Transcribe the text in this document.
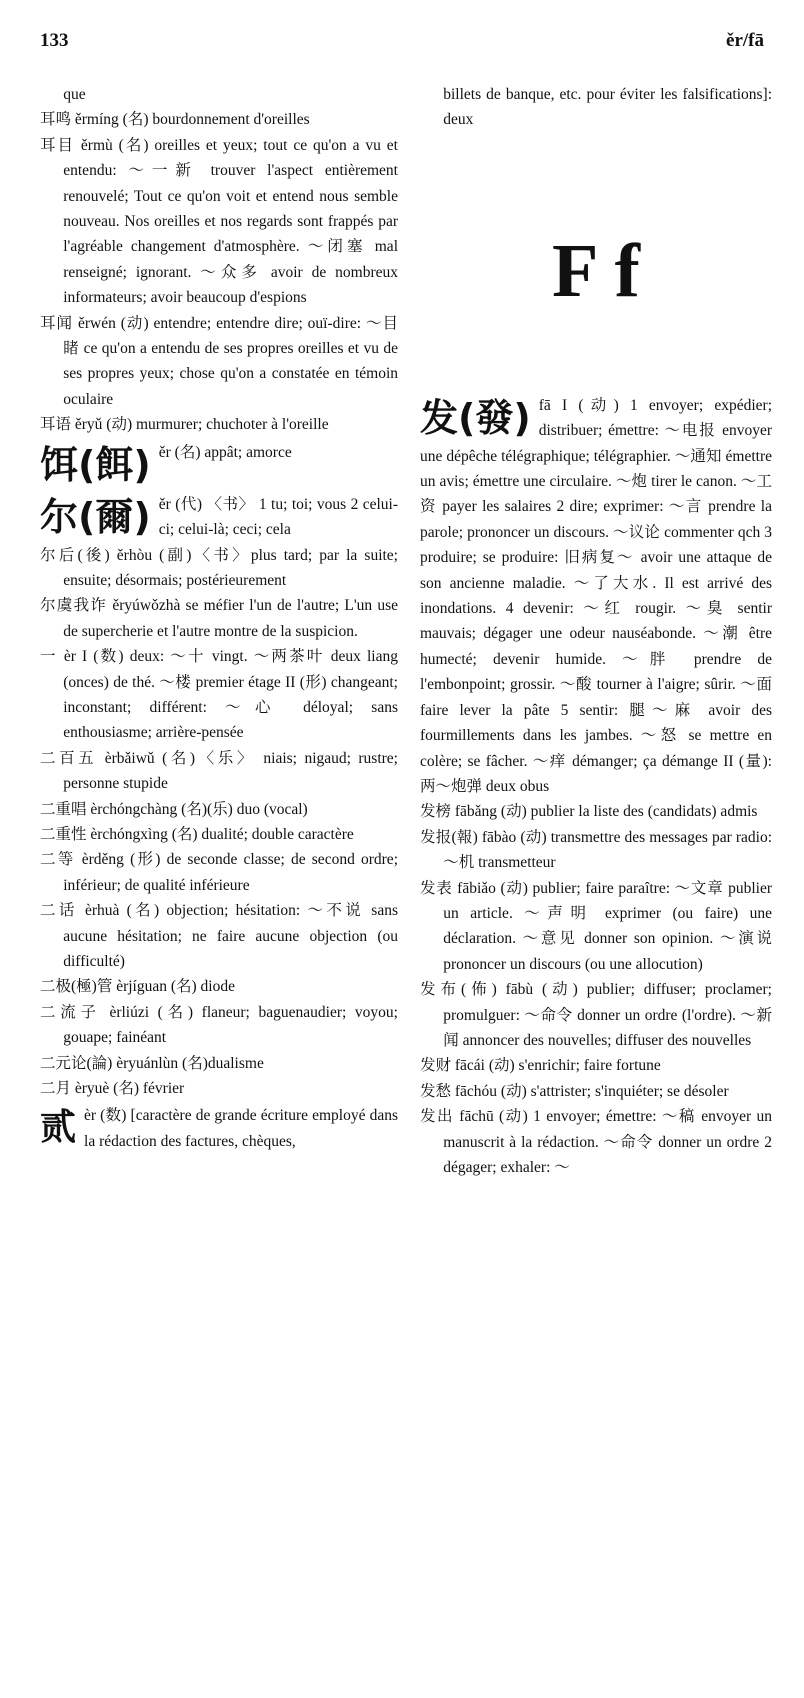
133	ěr/fā
que
耳鸣 ěrmíng (名) bourdonnement d'oreilles
耳目 ěrmù (名) oreilles et yeux; tout ce qu'on a vu et entendu: ～一新 trouver l'aspect entièrement renouvelé; Tout ce qu'on voit et entend nous semble nouveau. Nos oreilles et nos regards sont frappés par l'agréable changement d'atmosphère. ～闭塞 mal renseigné; ignorant. ～众多 avoir de nombreux informateurs; avoir beaucoup d'espions
耳闻 ěrwén (动) entendre; entendre dire; ouï-dire: ～目睹 ce qu'on a entendu de ses propres oreilles et vu de ses propres yeux; chose qu'on a constatée en témoin oculaire
耳语 ěryǔ (动) murmurer; chuchoter à l'oreille
饵(餌) ěr (名) appât; amorce
尔(爾) ěr (代) 〈书〉 1 tu; toi; vous 2 celui-ci; celui-là; ceci; cela
尔后(後) ěrhòu (副)〈书〉plus tard; par la suite; ensuite; désormais; postérieurement
尔虞我诈 ěryúwǒzhà se méfier l'un de l'autre; L'un use de supercherie et l'autre montre de la suspicion.
一 èr I (数) deux: ～十 vingt. ～两茶叶 deux liang (onces) de thé. ～楼 premier étage II (形) changeant; inconstant; différent: ～心 déloyal; sans enthousiasme; arrière-pensée
二百五 èrbǎiwǔ (名)〈乐〉 niais; nigaud; rustre; personne stupide
二重唱 èrchóngchàng (名)(乐) duo (vocal)
二重性 èrchóngxìng (名) dualité; double caractère
二等 èrděng (形) de seconde classe; de second ordre; inférieur; de qualité inférieure
二话 èrhuà (名) objection; hésitation: ～不说 sans aucune hésitation; ne faire aucune objection (ou difficulté)
二极(極)管 èrjíguan (名) diode
二流子 èrliúzi (名) flaneur; baguenaudier; voyou; gouape; fainéant
二元论(論) èryuánlùn (名)dualisme
二月 èryuè (名) février
贰èr (数) [caractère de grande écriture employé dans la rédaction des factures, chèques,
billets de banque, etc. pour éviter les falsifications]: deux
F f
发(發) fā I (动) 1 envoyer; expédier; distribuer; émettre: ～电报 envoyer une dépêche télégraphique; télégraphier. ～通知 émettre un avis; émettre une circulaire. ～炮 tirer le canon. ～工资 payer les salaires 2 dire; exprimer: ～言 prendre la parole; prononcer un discours. ～议论 commenter qch 3 produire; se produire: 旧病复～ avoir une attaque de son ancienne maladie. ～了大水. Il est arrivé des inondations. 4 devenir: ～红 rougir. ～臭 sentir mauvais; dégager une odeur nauséabonde. ～潮 être humecté; devenir humide. ～胖 prendre de l'embonpoint; grossir. ～酸 tourner à l'aigre; sûrir. ～面 faire lever la pâte 5 sentir: 腿～麻 avoir des fourmillements dans les jambes. ～怒 se mettre en colère; se fâcher. ～痒 démanger; ça démange II (量): 两～炮弹 deux obus
发榜 fābǎng (动) publier la liste des (candidats) admis
发报(報) fābào (动) transmettre des messages par radio: ～机 transmetteur
发表 fābiǎo (动) publier; faire paraître: ～文章 publier un article. ～声明 exprimer (ou faire) une déclaration. ～意见 donner son opinion. ～演说 prononcer un discours (ou une allocution)
发布(佈) fābù (动) publier; diffuser; proclamer; promulguer: ～命令 donner un ordre (l'ordre). ～新闻 annoncer des nouvelles; diffuser des nouvelles
发财 fācái (动) s'enrichir; faire fortune
发愁 fāchóu (动) s'attrister; s'inquiéter; se désoler
发出 fāchū (动) 1 envoyer; émettre: ～稿 envoyer un manuscrit à la rédaction. ～命令 donner un ordre 2 dégager; exhaler: ～
